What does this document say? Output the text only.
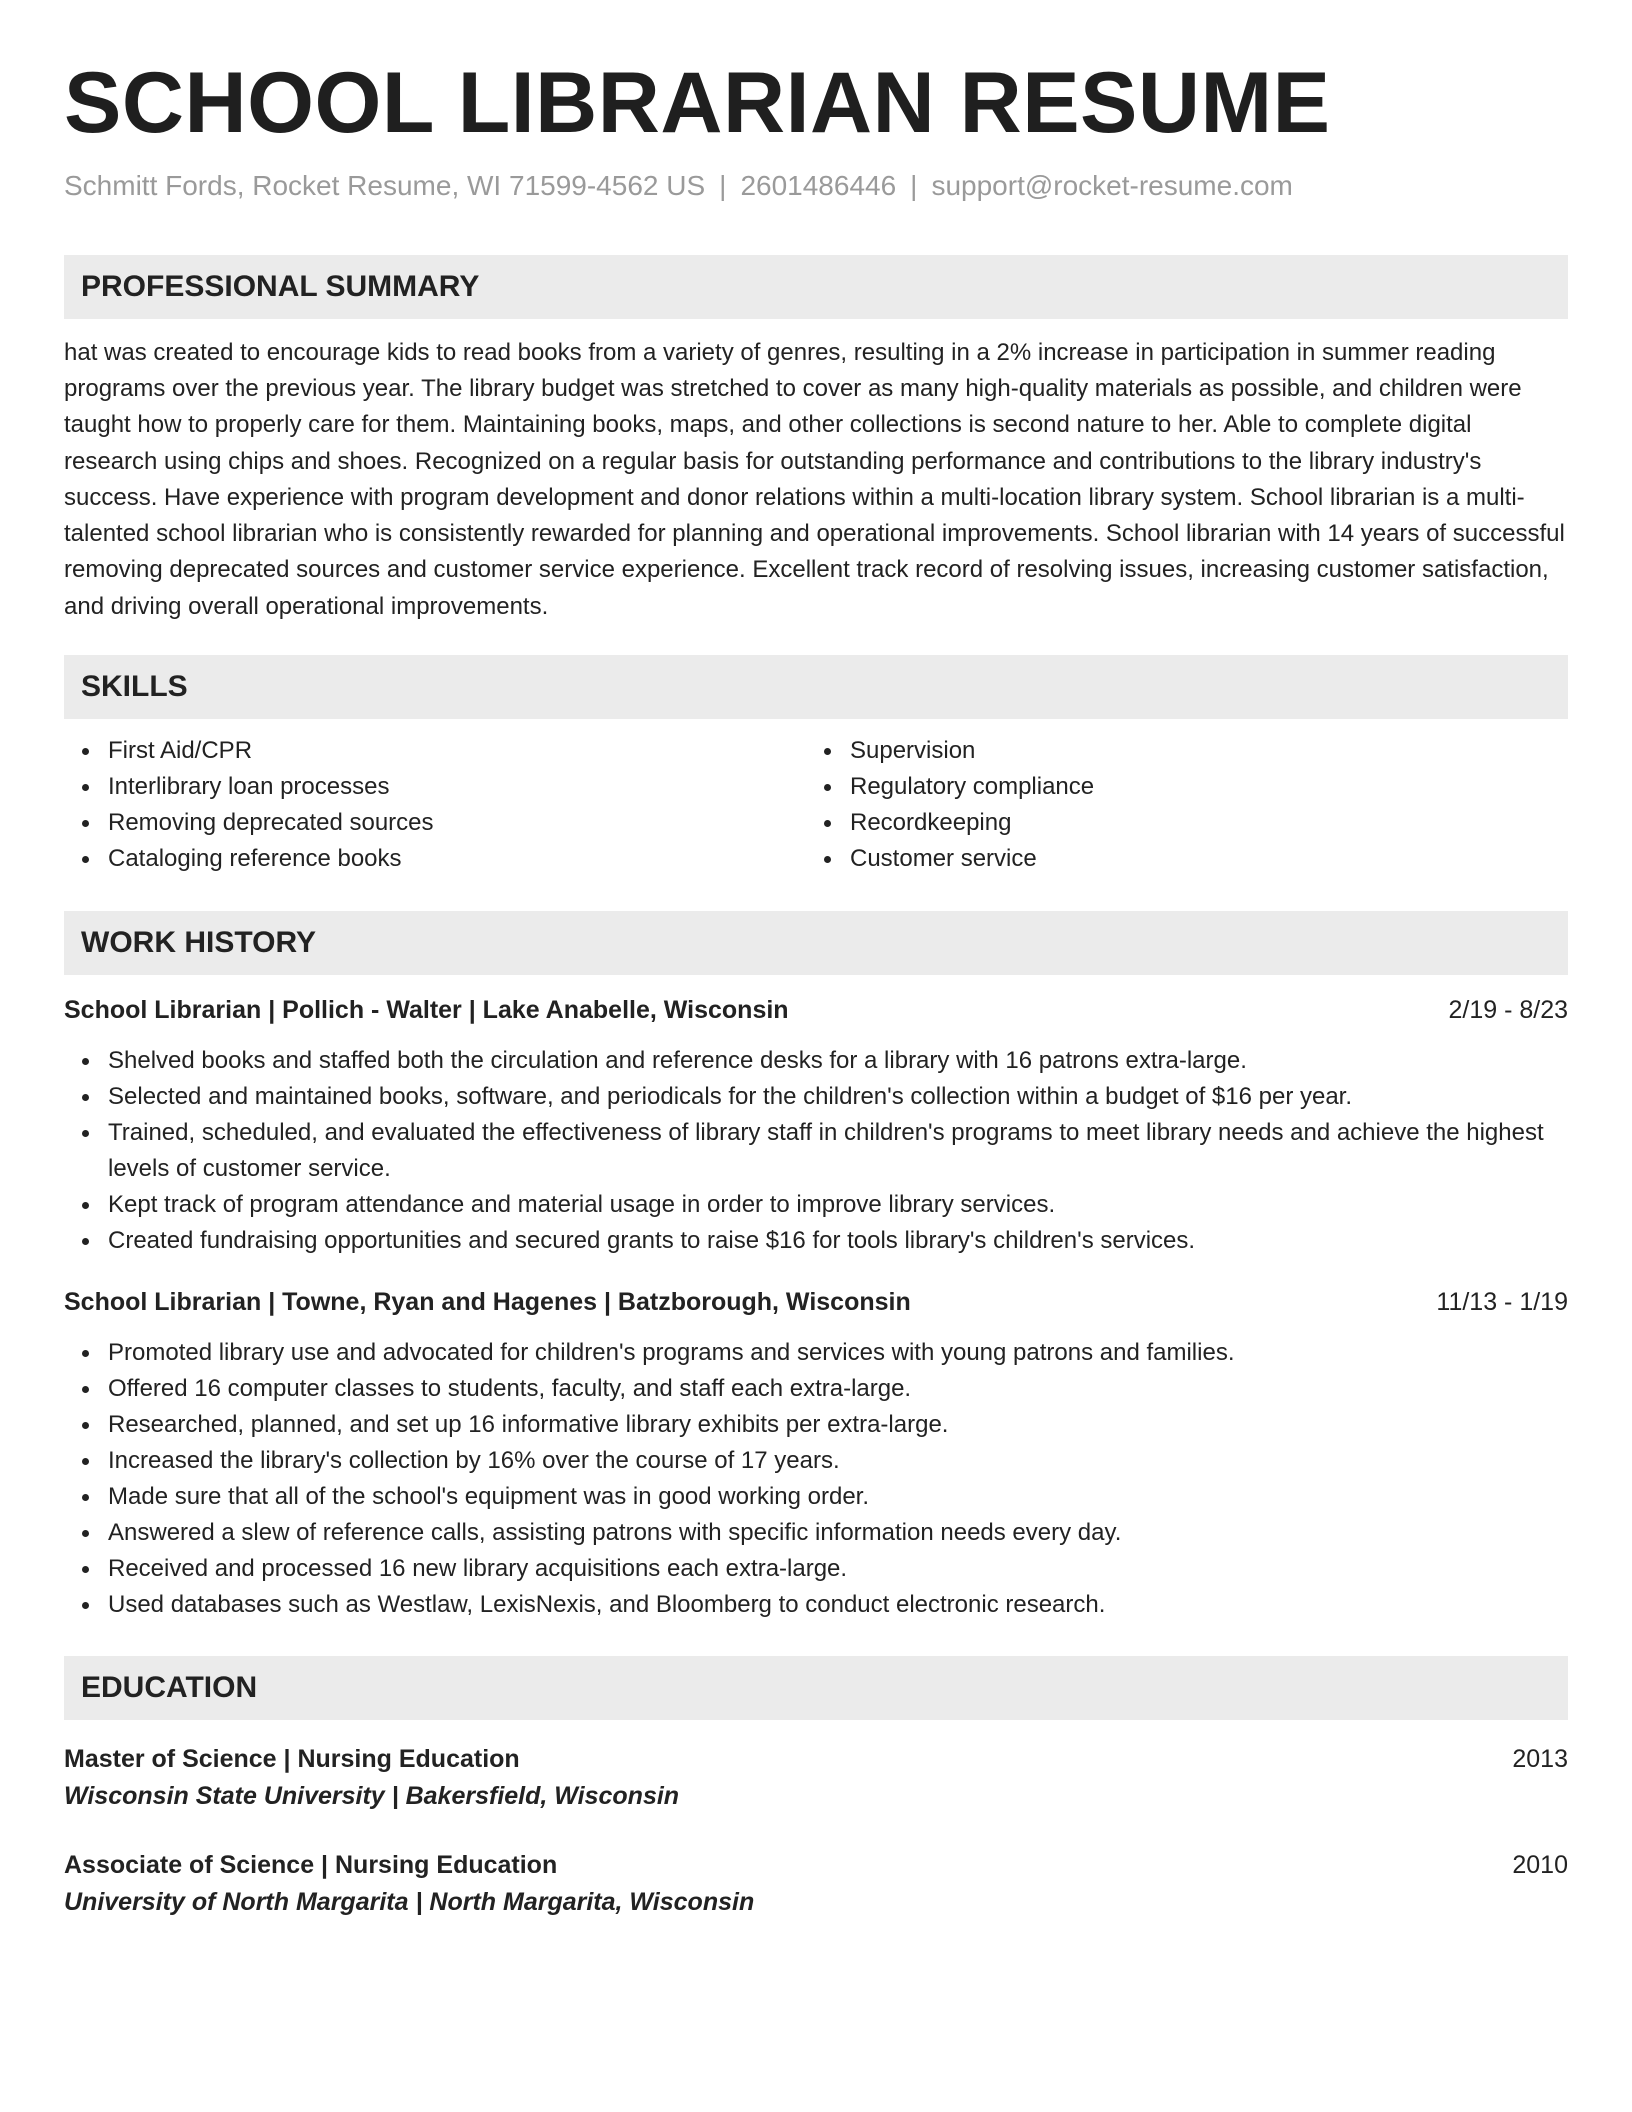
SCHOOL LIBRARIAN RESUME
Schmitt Fords, Rocket Resume, WI 71599-4562 US | 2601486446 | support@rocket-resume.com
PROFESSIONAL SUMMARY

hat was created to encourage kids to read books from a variety of genres, resulting in a 2% increase in participation in summer reading programs over the previous year. The library budget was stretched to cover as many high-quality materials as possible, and children were taught how to properly care for them. Maintaining books, maps, and other collections is second nature to her. Able to complete digital research using chips and shoes. Recognized on a regular basis for outstanding performance and contributions to the library industry's success. Have experience with program development and donor relations within a multi-location library system. School librarian is a multi-talented school librarian who is consistently rewarded for planning and operational improvements. School librarian with 14 years of successful removing deprecated sources and customer service experience. Excellent track record of resolving issues, increasing customer satisfaction, and driving overall operational improvements.

SKILLS
First Aid/CPR
Interlibrary loan processes
Removing deprecated sources
Cataloging reference books
Supervision
Regulatory compliance
Recordkeeping
Customer service
WORK HISTORY
School Librarian | Pollich - Walter | Lake Anabelle, Wisconsin	2/19 - 8/23
Shelved books and staffed both the circulation and reference desks for a library with 16 patrons extra-large.
Selected and maintained books, software, and periodicals for the children's collection within a budget of $16 per year.
Trained, scheduled, and evaluated the effectiveness of library staff in children's programs to meet library needs and achieve the highest levels of customer service.
Kept track of program attendance and material usage in order to improve library services.
Created fundraising opportunities and secured grants to raise $16 for tools library's children's services.
School Librarian | Towne, Ryan and Hagenes | Batzborough, Wisconsin	11/13 - 1/19
Promoted library use and advocated for children's programs and services with young patrons and families.
Offered 16 computer classes to students, faculty, and staff each extra-large.
Researched, planned, and set up 16 informative library exhibits per extra-large.
Increased the library's collection by 16% over the course of 17 years.
Made sure that all of the school's equipment was in good working order.
Answered a slew of reference calls, assisting patrons with specific information needs every day.
Received and processed 16 new library acquisitions each extra-large.
Used databases such as Westlaw, LexisNexis, and Bloomberg to conduct electronic research.
EDUCATION
Master of Science | Nursing Education	2013
Wisconsin State University | Bakersfield, Wisconsin
Associate of Science | Nursing Education	2010
University of North Margarita | North Margarita, Wisconsin
